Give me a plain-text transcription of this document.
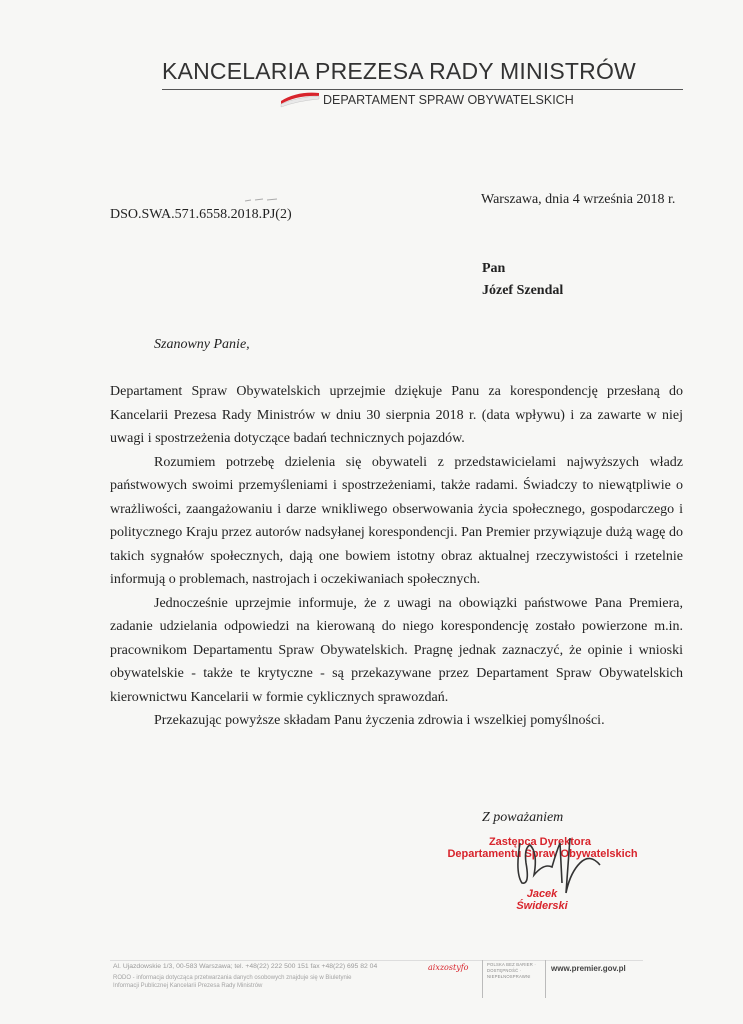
KANCELARIA PREZESA RADY MINISTRÓW
DEPARTAMENT SPRAW OBYWATELSKICH
DSO.SWA.571.6558.2018.PJ(2)
Warszawa, dnia 4 września 2018 r.
Pan
Józef Szendal
Szanowny Panie,

Departament Spraw Obywatelskich uprzejmie dziękuje Panu za korespondencję przesłaną do Kancelarii Prezesa Rady Ministrów w dniu 30 sierpnia 2018 r. (data wpływu) i za zawarte w niej uwagi i spostrzeżenia dotyczące badań technicznych pojazdów.

Rozumiem potrzebę dzielenia się obywateli z przedstawicielami najwyższych władz państwowych swoimi przemyśleniami i spostrzeżeniami, także radami. Świadczy to niewątpliwie o wrażliwości, zaangażowaniu i darze wnikliwego obserwowania życia społecznego, gospodarczego i politycznego Kraju przez autorów nadsyłanej korespondencji. Pan Premier przywiązuje dużą wagę do takich sygnałów społecznych, dają one bowiem istotny obraz aktualnej rzeczywistości i rzetelnie informują o problemach, nastrojach i oczekiwaniach społecznych.

Jednocześnie uprzejmie informuje, że z uwagi na obowiązki państwowe Pana Premiera, zadanie udzielania odpowiedzi na kierowaną do niego korespondencję zostało powierzone m.in. pracownikom Departamentu Spraw Obywatelskich. Pragnę jednak zaznaczyć, że opinie i wnioski obywatelskie - także te krytyczne - są przekazywane przez Departament Spraw Obywatelskich kierownictwu Kancelarii w formie cyklicznych sprawozdań.

Przekazując powyższe składam Panu życzenia zdrowia i wszelkiej pomyślności.

Z poważaniem
Zastępca Dyrektora
Departamentu Spraw Obywatelskich
Jacek Świderski
Al. Ujazdowskie 1/3, 00-583 Warszawa; tel. +48(22) 222 500 151 fax +48(22) 695 82 04
RODO - informacja dotycząca przetwarzania danych osobowych znajduje się w Biuletynie
Informacji Publicznej Kancelarii Prezesa Rady Ministrów
aixzostyfo	POLSKA BEZ BARIER · DOSTĘPNOŚĆ · NIEPEŁNOSPRAWNI
www.premier.gov.pl
